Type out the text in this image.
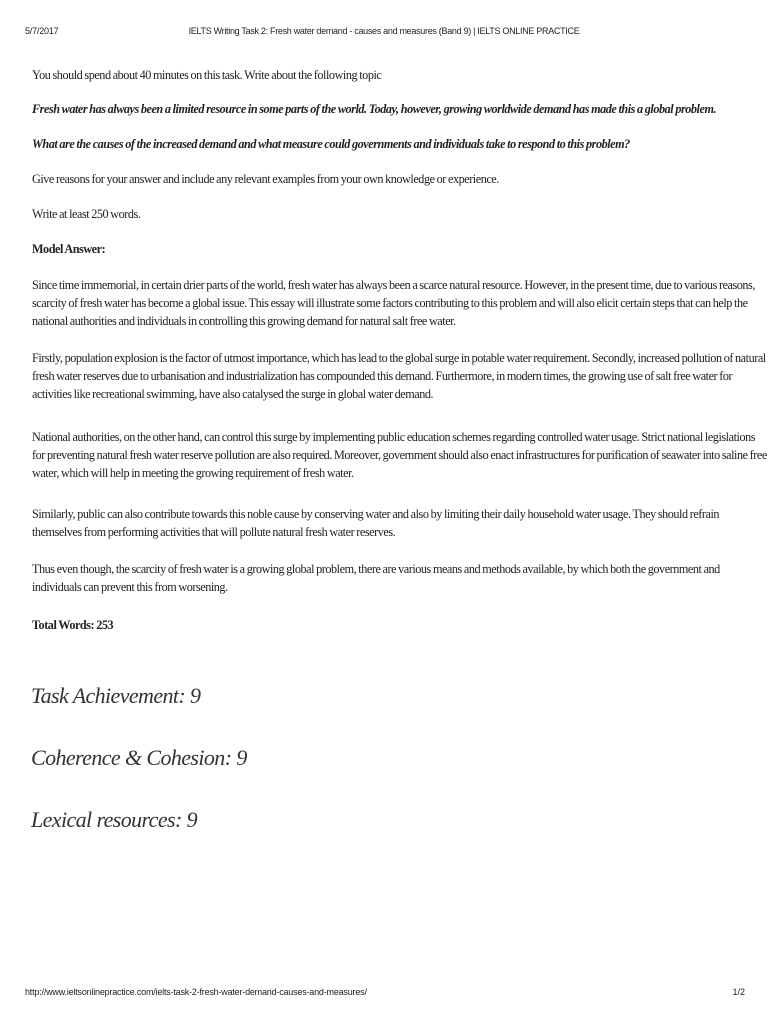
5/7/2017	IELTS Writing Task 2: Fresh water demand - causes and measures (Band 9) | IELTS ONLINE PRACTICE

You should spend about 40 minutes on this task. Write about the following topic

Fresh water has always been a limited resource in some parts of the world. Today, however, growing worldwide demand has made this a global problem.

What are the causes of the increased demand and what measure could governments and individuals take to respond to this problem?

Give reasons for your answer and include any relevant examples from your own knowledge or experience.

Write at least 250 words.

Model Answer:

Since time immemorial, in certain drier parts of the world, fresh water has always been a scarce natural resource. However, in the present time, due to various reasons, scarcity of fresh water has become a global issue. This essay will illustrate some factors contributing to this problem and will also elicit certain steps that can help the national authorities and individuals in controlling this growing demand for natural salt free water.

Firstly, population explosion is the factor of utmost importance, which has lead to the global surge in potable water requirement. Secondly, increased pollution of natural fresh water reserves due to urbanisation and industrialization has compounded this demand. Furthermore, in modern times, the growing use of salt free water for activities like recreational swimming, have also catalysed the surge in global water demand.

National authorities, on the other hand, can control this surge by implementing public education schemes regarding controlled water usage. Strict national legislations for preventing natural fresh water reserve pollution are also required. Moreover, government should also enact infrastructures for purification of seawater into saline free water, which will help in meeting the growing requirement of fresh water.

Similarly, public can also contribute towards this noble cause by conserving water and also by limiting their daily household water usage. They should refrain themselves from performing activities that will pollute natural fresh water reserves.

Thus even though, the scarcity of fresh water is a growing global problem, there are various means and methods available, by which both the government and individuals can prevent this from worsening.

Total Words: 253

Task Achievement: 9
Coherence & Cohesion: 9
Lexical resources: 9
http://www.ieltsonlinepractice.com/ielts-task-2-fresh-water-demand-causes-and-measures/	1/2
